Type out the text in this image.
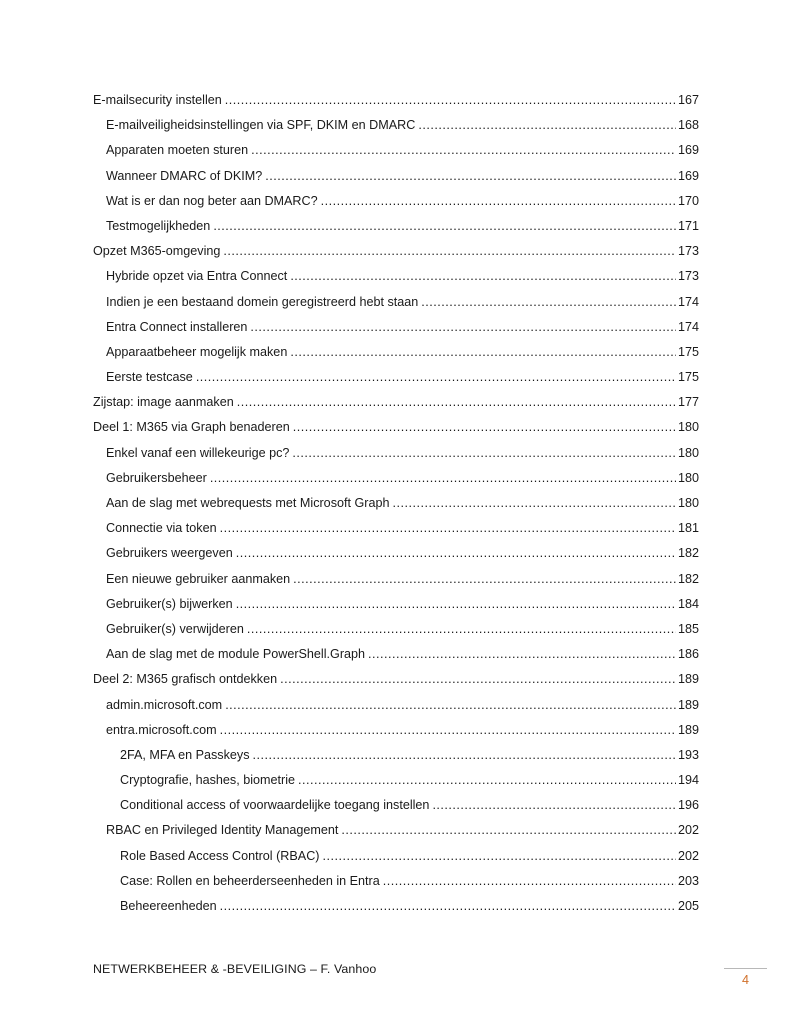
E-mailsecurity instellen .....	167
E-mailveiligheidsinstellingen via SPF, DKIM en DMARC .....	168
Apparaten moeten sturen .....	169
Wanneer DMARC of DKIM? .....	169
Wat is er dan nog beter aan DMARC? .....	170
Testmogelijkheden .....	171
Opzet M365-omgeving .....	173
Hybride opzet via Entra Connect .....	173
Indien je een bestaand domein geregistreerd hebt staan .....	174
Entra Connect installeren .....	174
Apparaatbeheer mogelijk maken .....	175
Eerste testcase .....	175
Zijstap: image aanmaken .....	177
Deel 1: M365 via Graph benaderen .....	180
Enkel vanaf een willekeurige pc? .....	180
Gebruikersbeheer .....	180
Aan de slag met webrequests met Microsoft Graph .....	180
Connectie via token .....	181
Gebruikers weergeven .....	182
Een nieuwe gebruiker aanmaken .....	182
Gebruiker(s) bijwerken .....	184
Gebruiker(s) verwijderen .....	185
Aan de slag met de module PowerShell.Graph .....	186
Deel 2: M365 grafisch ontdekken .....	189
admin.microsoft.com .....	189
entra.microsoft.com .....	189
2FA, MFA en Passkeys .....	193
Cryptografie, hashes, biometrie .....	194
Conditional access of voorwaardelijke toegang instellen .....	196
RBAC en Privileged Identity Management .....	202
Role Based Access Control (RBAC) .....	202
Case: Rollen en beheerderseenheden in Entra .....	203
Beheereenheden .....	205
NETWERKBEHEER & -BEVEILIGING – F. Vanhoo
4
